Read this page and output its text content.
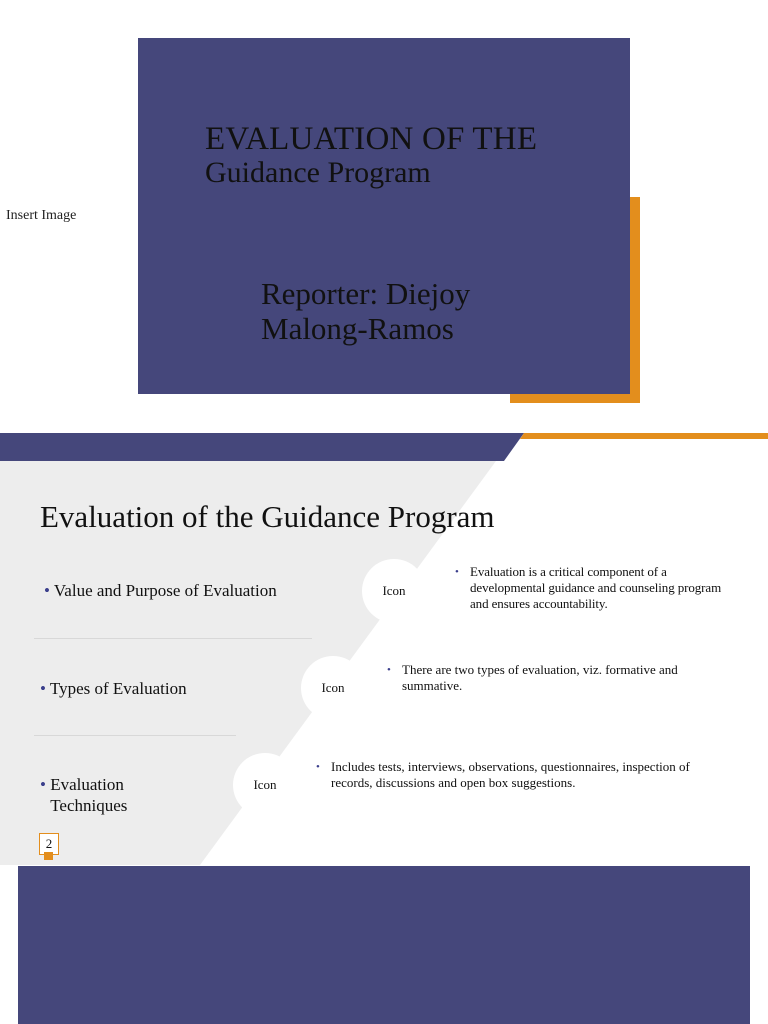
Insert Image
EVALUATION OF THE
Guidance Program
Reporter: Diejoy
Malong-Ramos
Evaluation of the Guidance Program
• Value and Purpose of Evaluation
• Types of Evaluation
• Evaluation
Techniques
Icon
Icon
Icon
• Evaluation is a critical component of a developmental guidance and counseling program and ensures accountability.
• There are two types of evaluation, viz. formative and summative.
• Includes tests, interviews, observations, questionnaires, inspection of records, discussions and open box suggestions.
2
